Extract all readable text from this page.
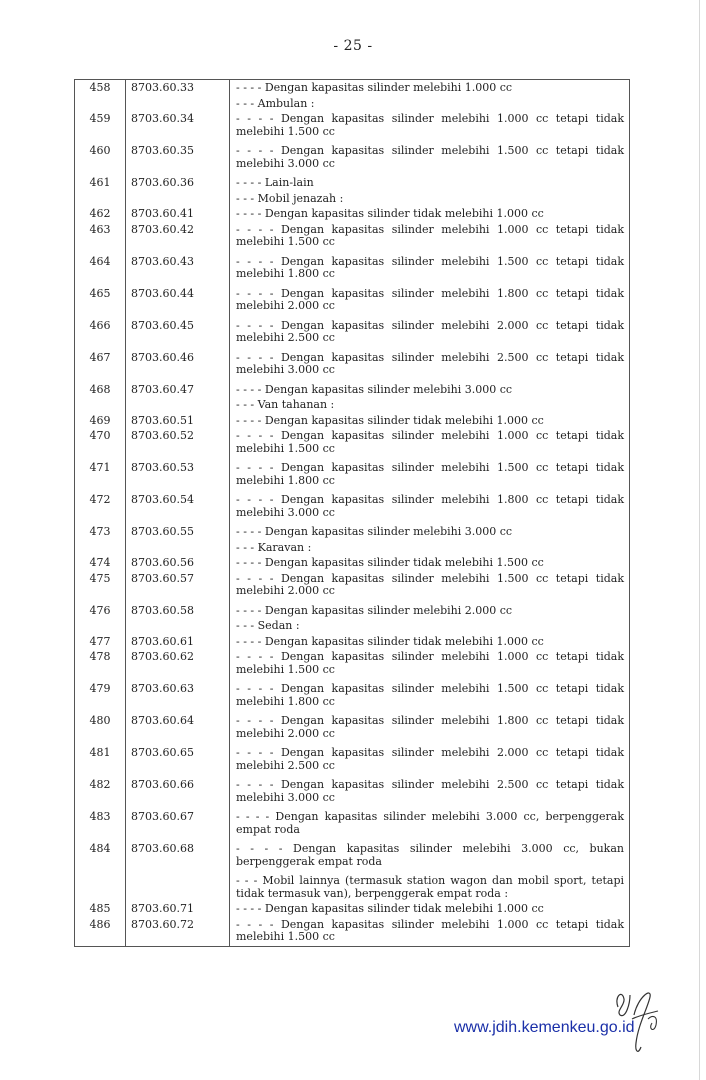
- 25 -
458	8703.60.33	- - - - Dengan kapasitas silinder melebihi 1.000 cc
		- - - Ambulan :
459	8703.60.34	- - - - Dengan kapasitas silinder melebihi 1.000 cc tetapi tidak melebihi 1.500 cc
460	8703.60.35	- - - - Dengan kapasitas silinder melebihi 1.500 cc tetapi tidak melebihi 3.000 cc
461	8703.60.36	- - - - Lain-lain
		- - - Mobil jenazah :
462	8703.60.41	- - - - Dengan kapasitas silinder tidak melebihi 1.000 cc
463	8703.60.42	- - - - Dengan kapasitas silinder melebihi 1.000 cc tetapi tidak melebihi 1.500 cc
464	8703.60.43	- - - - Dengan kapasitas silinder melebihi 1.500 cc tetapi tidak melebihi 1.800 cc
465	8703.60.44	- - - - Dengan kapasitas silinder melebihi 1.800 cc tetapi tidak melebihi 2.000 cc
466	8703.60.45	- - - - Dengan kapasitas silinder melebihi 2.000 cc tetapi tidak melebihi 2.500 cc
467	8703.60.46	- - - - Dengan kapasitas silinder melebihi 2.500 cc tetapi tidak melebihi 3.000 cc
468	8703.60.47	- - - - Dengan kapasitas silinder melebihi 3.000 cc
		- - - Van tahanan :
469	8703.60.51	- - - - Dengan kapasitas silinder tidak melebihi 1.000 cc
470	8703.60.52	- - - - Dengan kapasitas silinder melebihi 1.000 cc tetapi tidak melebihi 1.500 cc
471	8703.60.53	- - - - Dengan kapasitas silinder melebihi 1.500 cc tetapi tidak melebihi 1.800 cc
472	8703.60.54	- - - - Dengan kapasitas silinder melebihi 1.800 cc tetapi tidak melebihi 3.000 cc
473	8703.60.55	- - - - Dengan kapasitas silinder melebihi 3.000 cc
		- - - Karavan :
474	8703.60.56	- - - - Dengan kapasitas silinder tidak melebihi 1.500 cc
475	8703.60.57	- - - - Dengan kapasitas silinder melebihi 1.500 cc tetapi tidak melebihi 2.000 cc
476	8703.60.58	- - - - Dengan kapasitas silinder melebihi 2.000 cc
		- - - Sedan :
477	8703.60.61	- - - - Dengan kapasitas silinder tidak melebihi 1.000 cc
478	8703.60.62	- - - - Dengan kapasitas silinder melebihi 1.000 cc tetapi tidak melebihi 1.500 cc
479	8703.60.63	- - - - Dengan kapasitas silinder melebihi 1.500 cc tetapi tidak melebihi 1.800 cc
480	8703.60.64	- - - - Dengan kapasitas silinder melebihi 1.800 cc tetapi tidak melebihi 2.000 cc
481	8703.60.65	- - - - Dengan kapasitas silinder melebihi 2.000 cc tetapi tidak melebihi 2.500 cc
482	8703.60.66	- - - - Dengan kapasitas silinder melebihi 2.500 cc tetapi tidak melebihi 3.000 cc
483	8703.60.67	- - - - Dengan kapasitas silinder melebihi 3.000 cc, berpenggerak empat roda
484	8703.60.68	- - - - Dengan kapasitas silinder melebihi 3.000 cc, bukan berpenggerak empat roda
		- - - Mobil lainnya (termasuk station wagon dan mobil sport, tetapi tidak termasuk van), berpenggerak empat roda :
485	8703.60.71	- - - - Dengan kapasitas silinder tidak melebihi 1.000 cc
486	8703.60.72	- - - - Dengan kapasitas silinder melebihi 1.000 cc tetapi tidak melebihi 1.500 cc
www.jdih.kemenkeu.go.id
